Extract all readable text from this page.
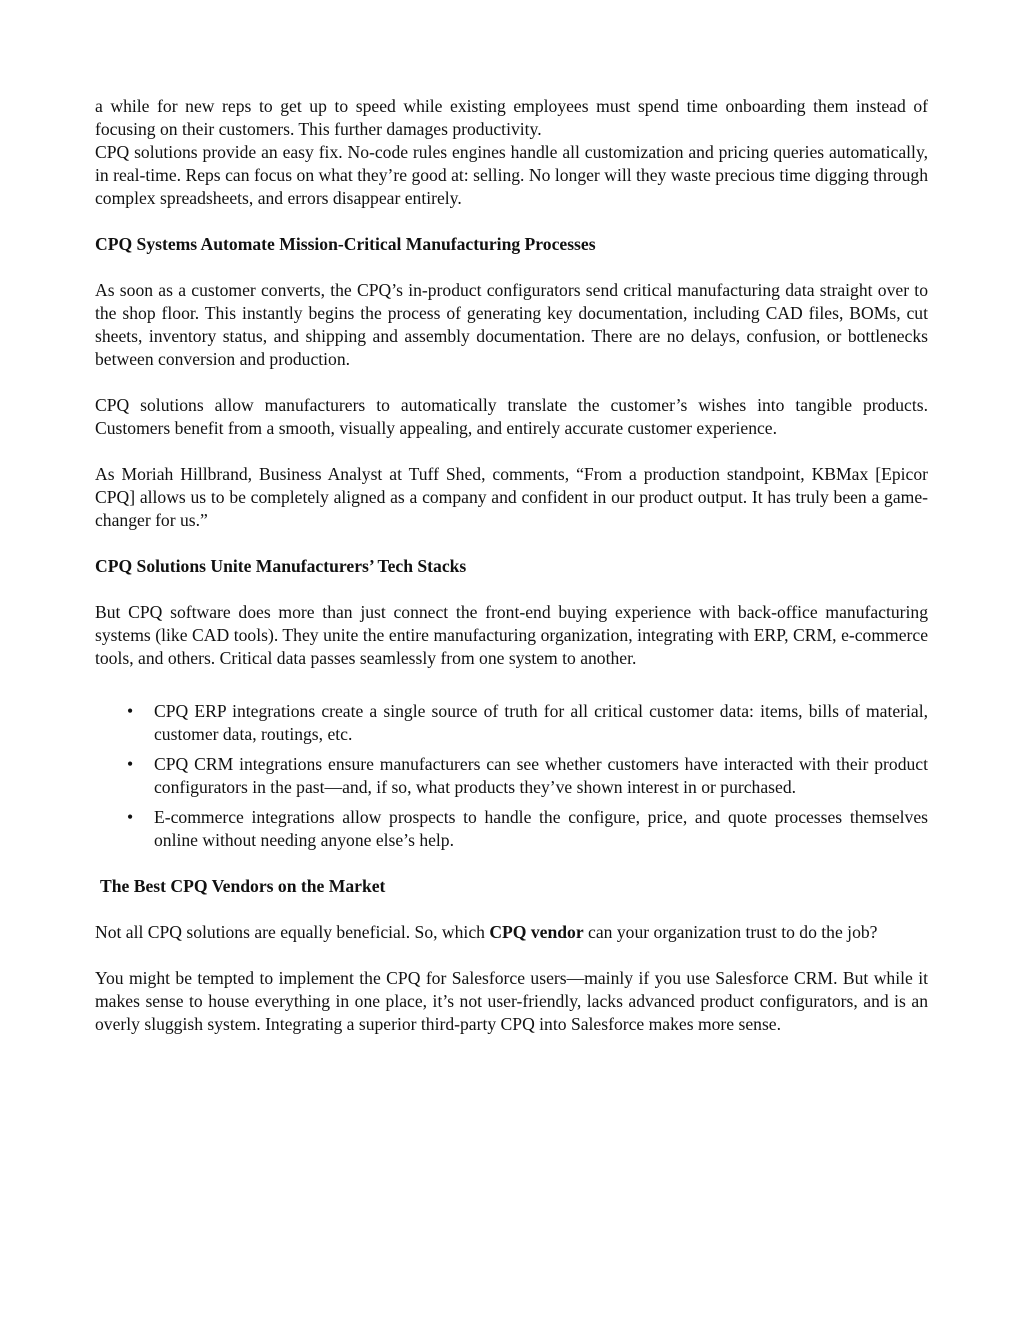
a while for new reps to get up to speed while existing employees must spend time onboarding them instead of focusing on their customers. This further damages productivity.

CPQ solutions provide an easy fix. No-code rules engines handle all customization and pricing queries automatically, in real-time. Reps can focus on what they’re good at: selling. No longer will they waste precious time digging through complex spreadsheets, and errors disappear entirely.

CPQ Systems Automate Mission-Critical Manufacturing Processes

As soon as a customer converts, the CPQ’s in-product configurators send critical manufacturing data straight over to the shop floor. This instantly begins the process of generating key documentation, including CAD files, BOMs, cut sheets, inventory status, and shipping and assembly documentation. There are no delays, confusion, or bottlenecks between conversion and production.

CPQ solutions allow manufacturers to automatically translate the customer’s wishes into tangible products. Customers benefit from a smooth, visually appealing, and entirely accurate customer experience.

As Moriah Hillbrand, Business Analyst at Tuff Shed, comments, “From a production standpoint, KBMax [Epicor CPQ] allows us to be completely aligned as a company and confident in our product output. It has truly been a game-changer for us.”

CPQ Solutions Unite Manufacturers’ Tech Stacks

But CPQ software does more than just connect the front-end buying experience with back-office manufacturing systems (like CAD tools). They unite the entire manufacturing organization, integrating with ERP, CRM, e-commerce tools, and others. Critical data passes seamlessly from one system to another.

• CPQ ERP integrations create a single source of truth for all critical customer data: items, bills of material, customer data, routings, etc.
• CPQ CRM integrations ensure manufacturers can see whether customers have interacted with their product configurators in the past—and, if so, what products they’ve shown interest in or purchased.
• E-commerce integrations allow prospects to handle the configure, price, and quote processes themselves online without needing anyone else’s help.
The Best CPQ Vendors on the Market

Not all CPQ solutions are equally beneficial. So, which CPQ vendor can your organization trust to do the job?

You might be tempted to implement the CPQ for Salesforce users—mainly if you use Salesforce CRM. But while it makes sense to house everything in one place, it’s not user-friendly, lacks advanced product configurators, and is an overly sluggish system. Integrating a superior third-party CPQ into Salesforce makes more sense.
